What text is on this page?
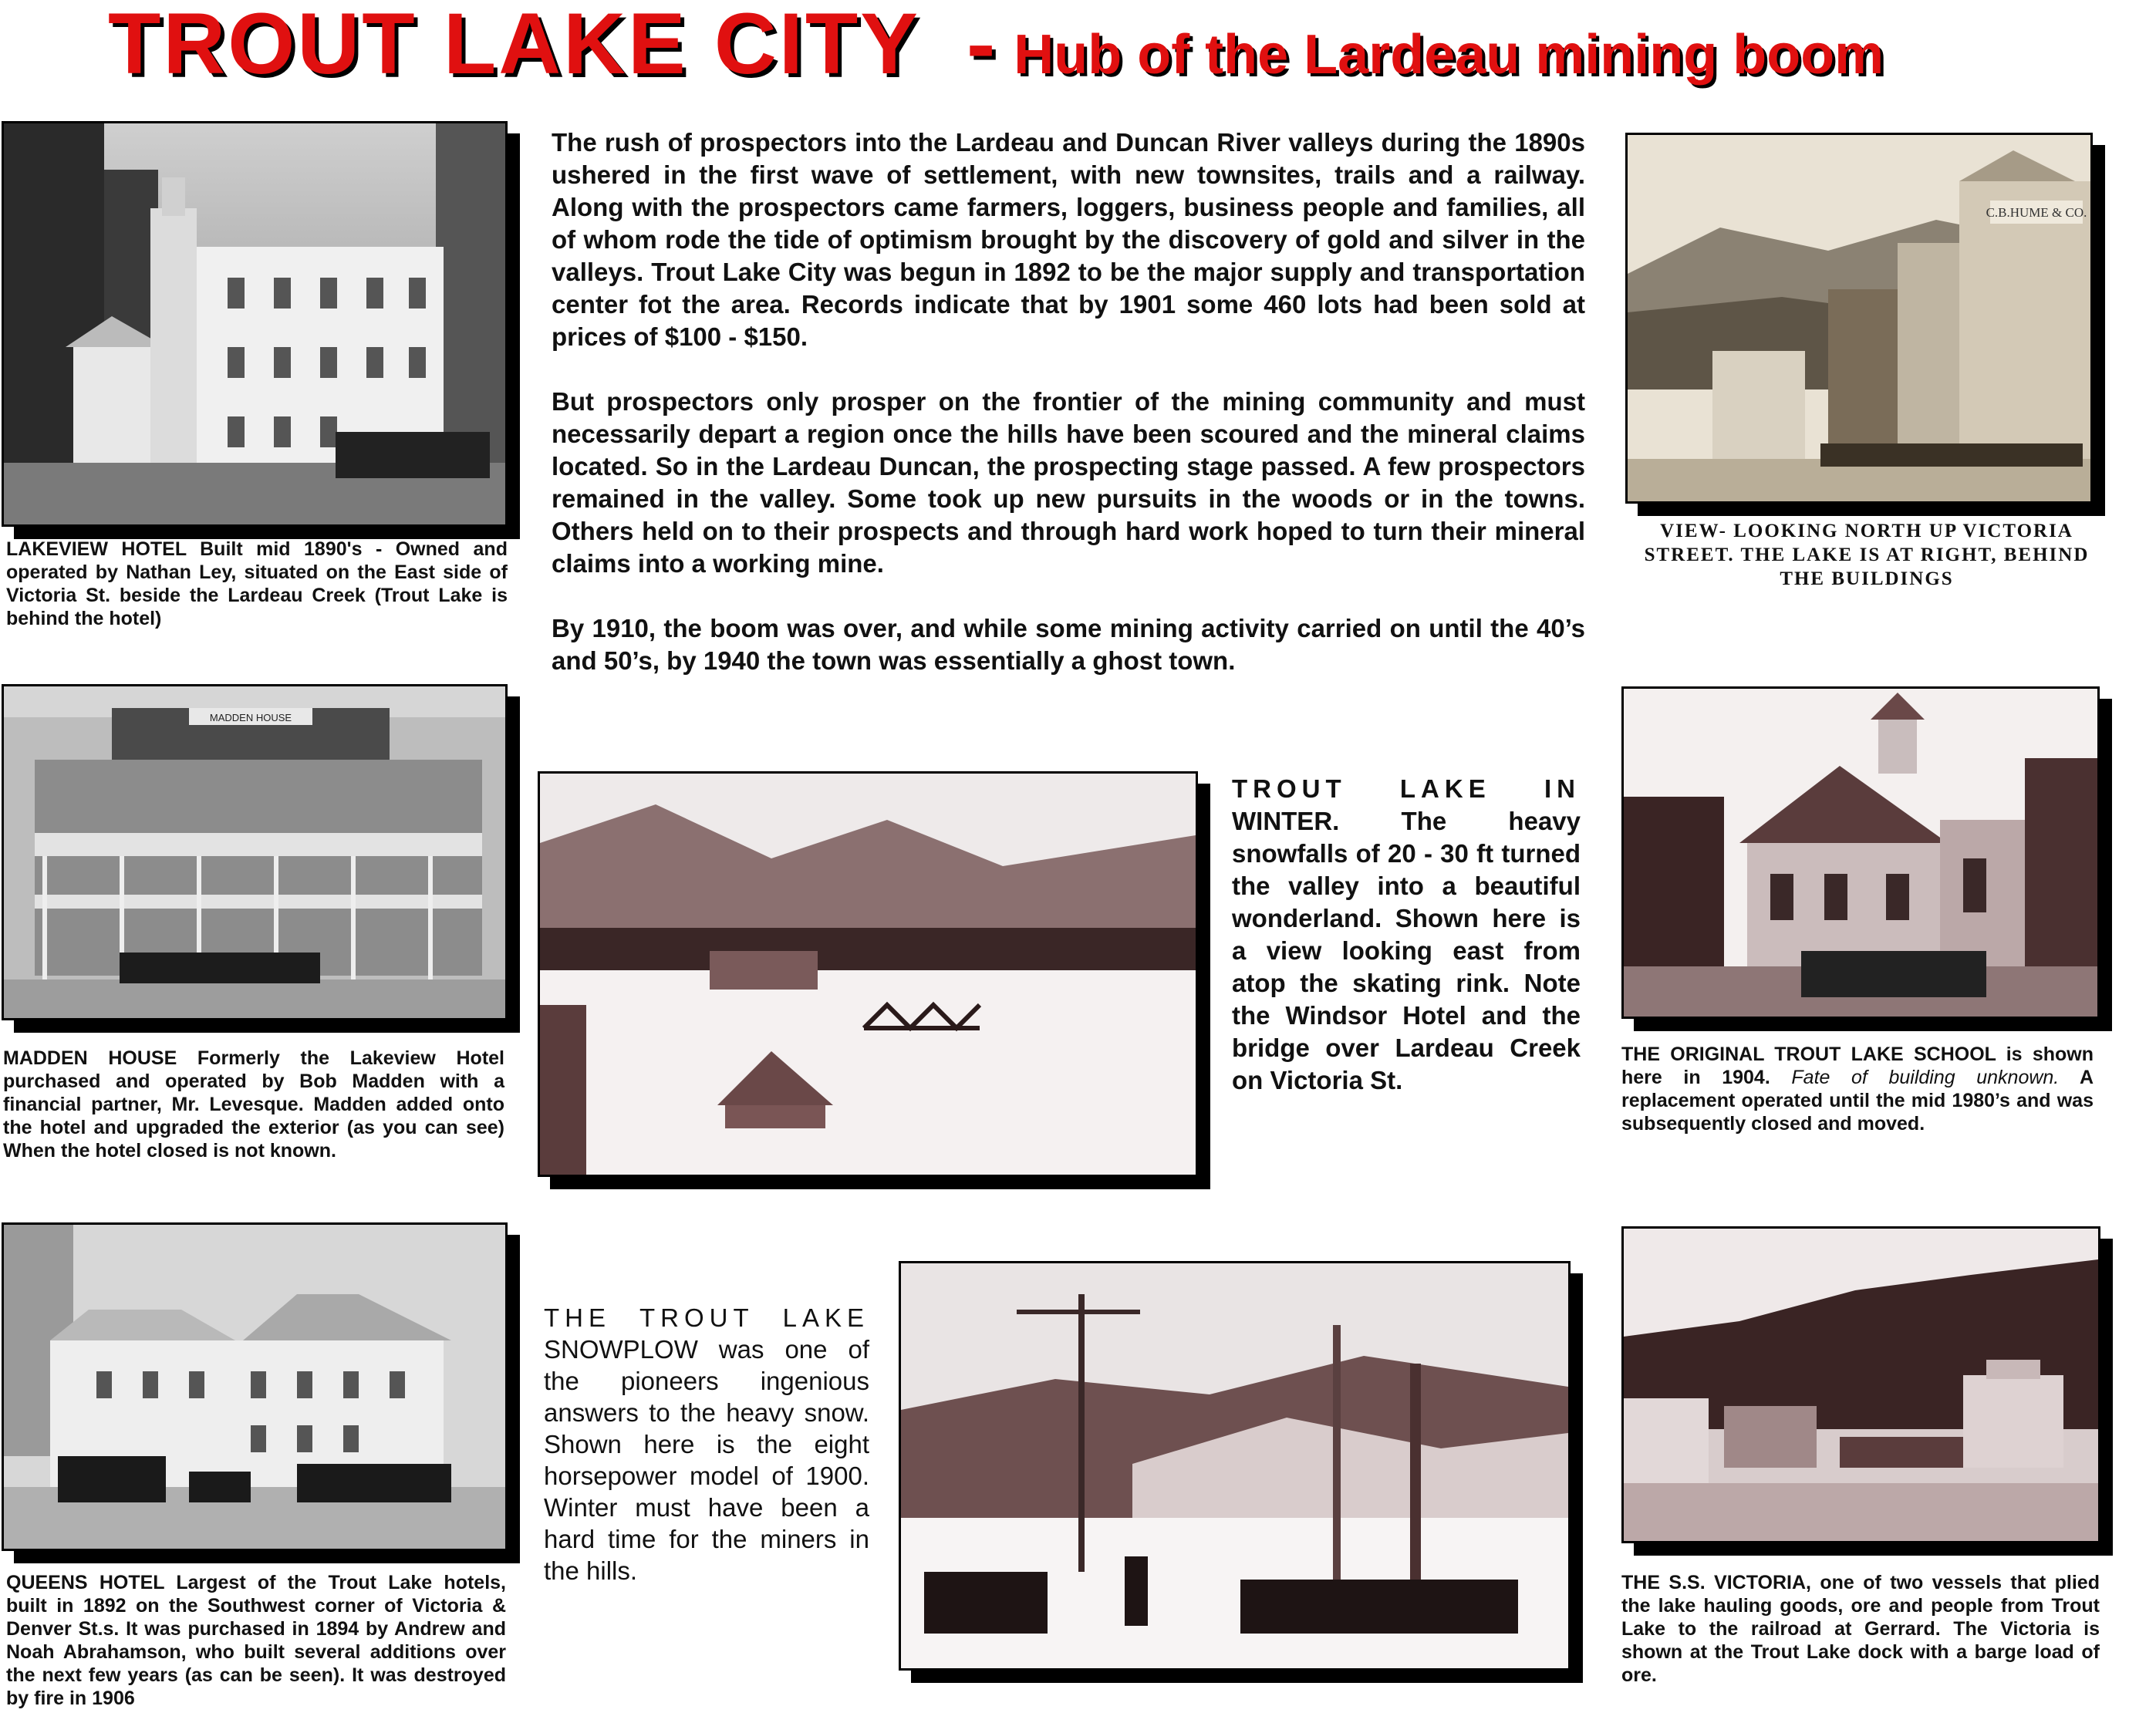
TROUT LAKE CITY - Hub of the Lardeau mining boom
LAKEVIEW HOTEL Built mid 1890's - Owned and operated by Nathan Ley, situated on the East side of Victoria St. beside the Lardeau Creek (Trout Lake is behind the hotel)

The rush of prospectors into the Lardeau and Duncan River valleys during the 1890s ushered in the first wave of settlement, with new townsites, trails and a railway. Along with the prospectors came farmers, loggers, business people and families, all of whom rode the tide of optimism brought by the discovery of gold and silver in the valleys. Trout Lake City was begun in 1892 to be the major supply and transportation center fot the area. Records indicate that by 1901 some 460 lots had been sold at prices of $100 - $150.

But prospectors only prosper on the frontier of the mining community and must necessarily depart a region once the hills have been scoured and the mineral claims located. So in the Lardeau Duncan, the prospecting stage passed. A few prospectors remained in the valley. Some took up new pursuits in the woods or in the towns. Others held on to their prospects and through hard work hoped to turn their mineral claims into a working mine.

By 1910, the boom was over, and while some mining activity carried on until the 40’s and 50’s, by 1940 the town was essentially a ghost town.

C.B.HUME & CO.
VIEW- LOOKING NORTH UP VICTORIA STREET. THE LAKE IS AT RIGHT, BEHIND THE BUILDINGS
MADDEN HOUSE
MADDEN HOUSE Formerly the Lakeview Hotel purchased and operated by Bob Madden with a financial partner, Mr. Levesque. Madden added onto the hotel and upgraded the exterior (as you can see) When the hotel closed is not known.
TROUT LAKE IN WINTER. The heavy snowfalls of 20 - 30 ft turned the valley into a beautiful wonderland. Shown here is a view looking east from atop the skating rink. Note the Windsor Hotel and the bridge over Lardeau Creek on Victoria St.
THE ORIGINAL TROUT LAKE SCHOOL is shown here in 1904. Fate of building unknown. A replacement operated until the mid 1980’s and was subsequently closed and moved.
QUEENS HOTEL Largest of the Trout Lake hotels, built in 1892 on the Southwest corner of Victoria & Denver St.s. It was purchased in 1894 by Andrew and Noah Abrahamson, who built several additions over the next few years (as can be seen). It was destroyed by fire in 1906
THE TROUT LAKE SNOWPLOW was one of the pioneers ingenious answers to the heavy snow. Shown here is the eight horsepower model of 1900. Winter must have been a hard time for the miners in the hills.	THE S.S. VICTORIA, one of two vessels that plied the lake hauling goods, ore and people from Trout Lake to the railroad at Gerrard. The Victoria is shown at the Trout Lake dock with a barge load of ore.
